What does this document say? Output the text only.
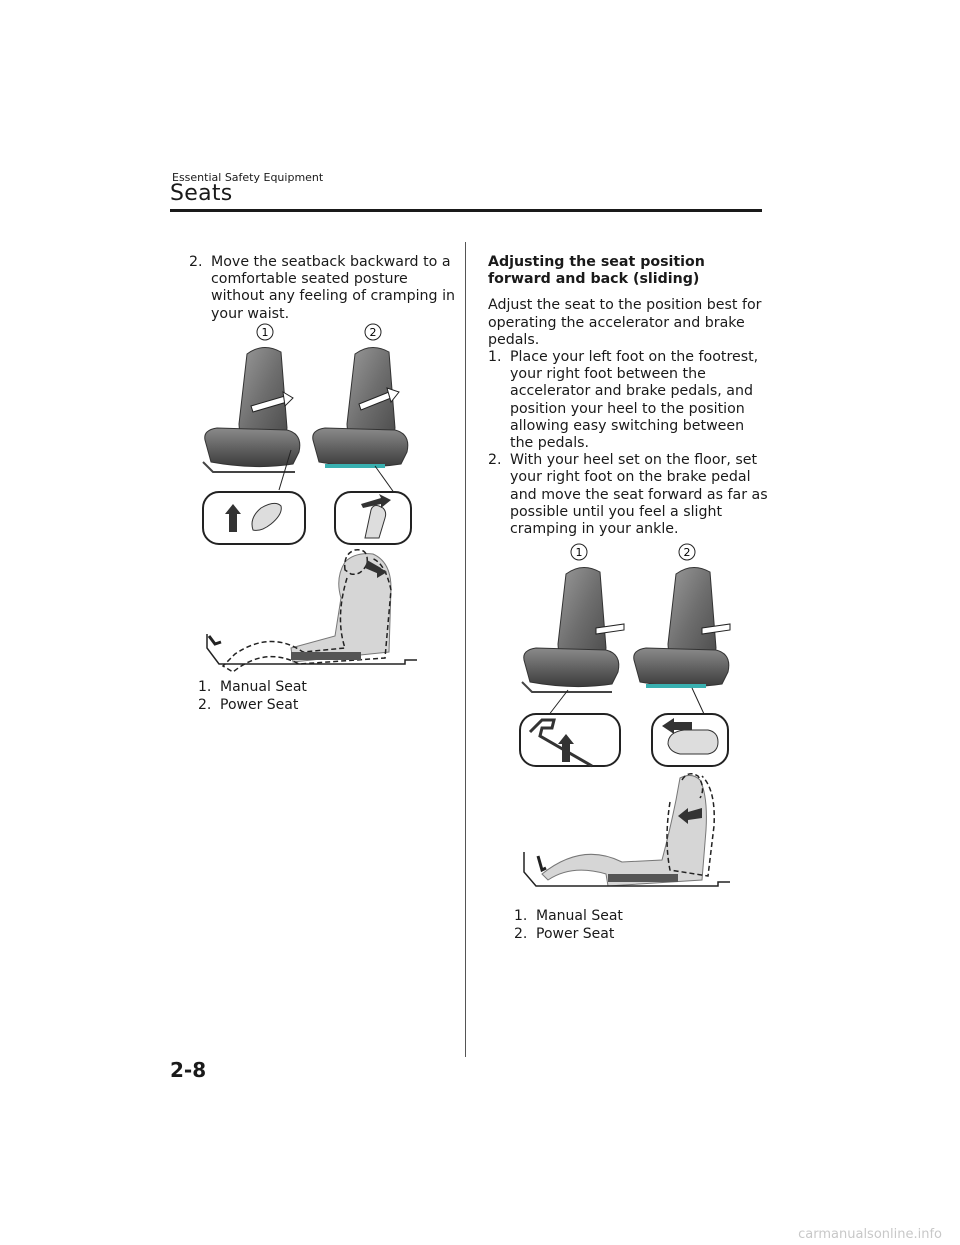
Essential Safety Equipment
Seats
2. Move the seatback backward to a comfortable seated posture without any feeling of cramping in your waist.
1	2
1. Manual Seat
2. Power Seat
Adjusting the seat position forward and back (sliding)
Adjust the seat to the position best for operating the accelerator and brake pedals.
1. Place your left foot on the footrest, your right foot between the accelerator and brake pedals, and position your heel to the position allowing easy switching between the pedals.
2. With your heel set on the floor, set your right foot on the brake pedal and move the seat forward as far as possible until you feel a slight cramping in your ankle.
1	2
1. Manual Seat
2. Power Seat
2-8
carmanualsonline.info
